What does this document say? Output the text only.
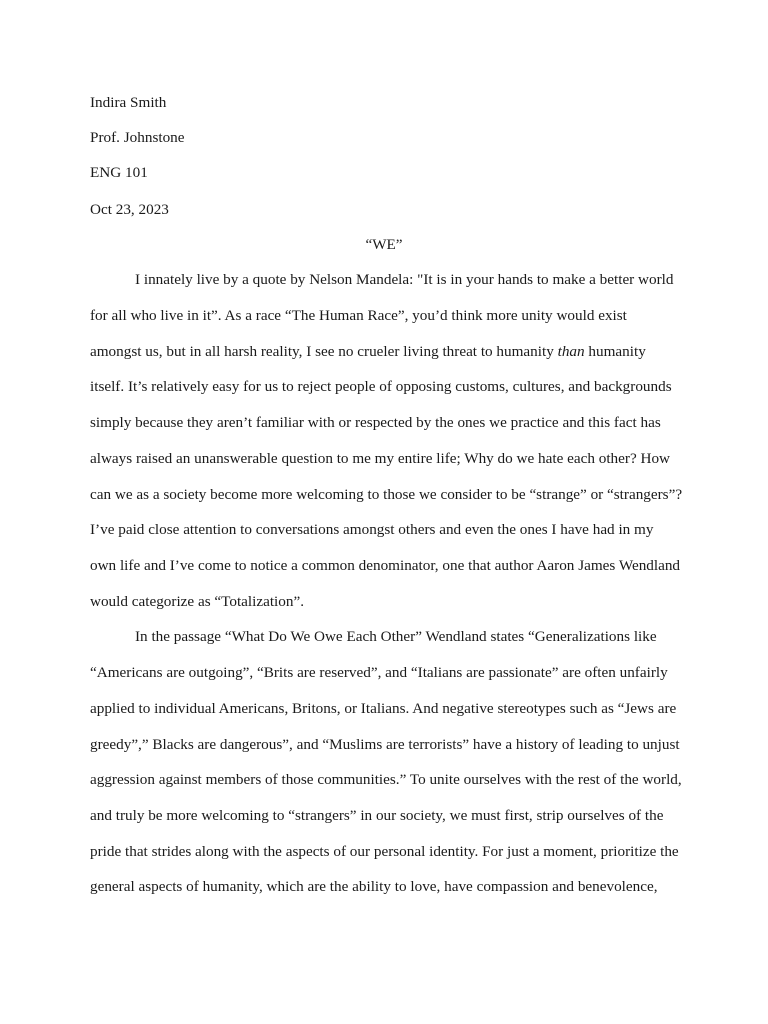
Indira Smith
Prof. Johnstone
ENG 101
Oct 23, 2023
“WE”
I innately live by a quote by Nelson Mandela: "It is in your hands to make a better world
for all who live in it”. As a race “The Human Race”, you’d think more unity would exist
amongst us, but in all harsh reality, I see no crueler living threat to humanity than humanity
itself. It’s relatively easy for us to reject people of opposing customs, cultures, and backgrounds
simply because they aren’t familiar with or respected by the ones we practice and this fact has
always raised an unanswerable question to me my entire life; Why do we hate each other? How
can we as a society become more welcoming to those we consider to be “strange” or “strangers”?
I’ve paid close attention to conversations amongst others and even the ones I have had in my
own life and I’ve come to notice a common denominator, one that author Aaron James Wendland
would categorize as “Totalization”.
In the passage “What Do We Owe Each Other” Wendland states “Generalizations like
“Americans are outgoing”, “Brits are reserved”, and “Italians are passionate” are often unfairly
applied to individual Americans, Britons, or Italians. And negative stereotypes such as “Jews are
greedy”,” Blacks are dangerous”, and “Muslims are terrorists” have a history of leading to unjust
aggression against members of those communities.” To unite ourselves with the rest of the world,
and truly be more welcoming to “strangers” in our society, we must first, strip ourselves of the
pride that strides along with the aspects of our personal identity. For just a moment, prioritize the
general aspects of humanity, which are the ability to love, have compassion and benevolence,
